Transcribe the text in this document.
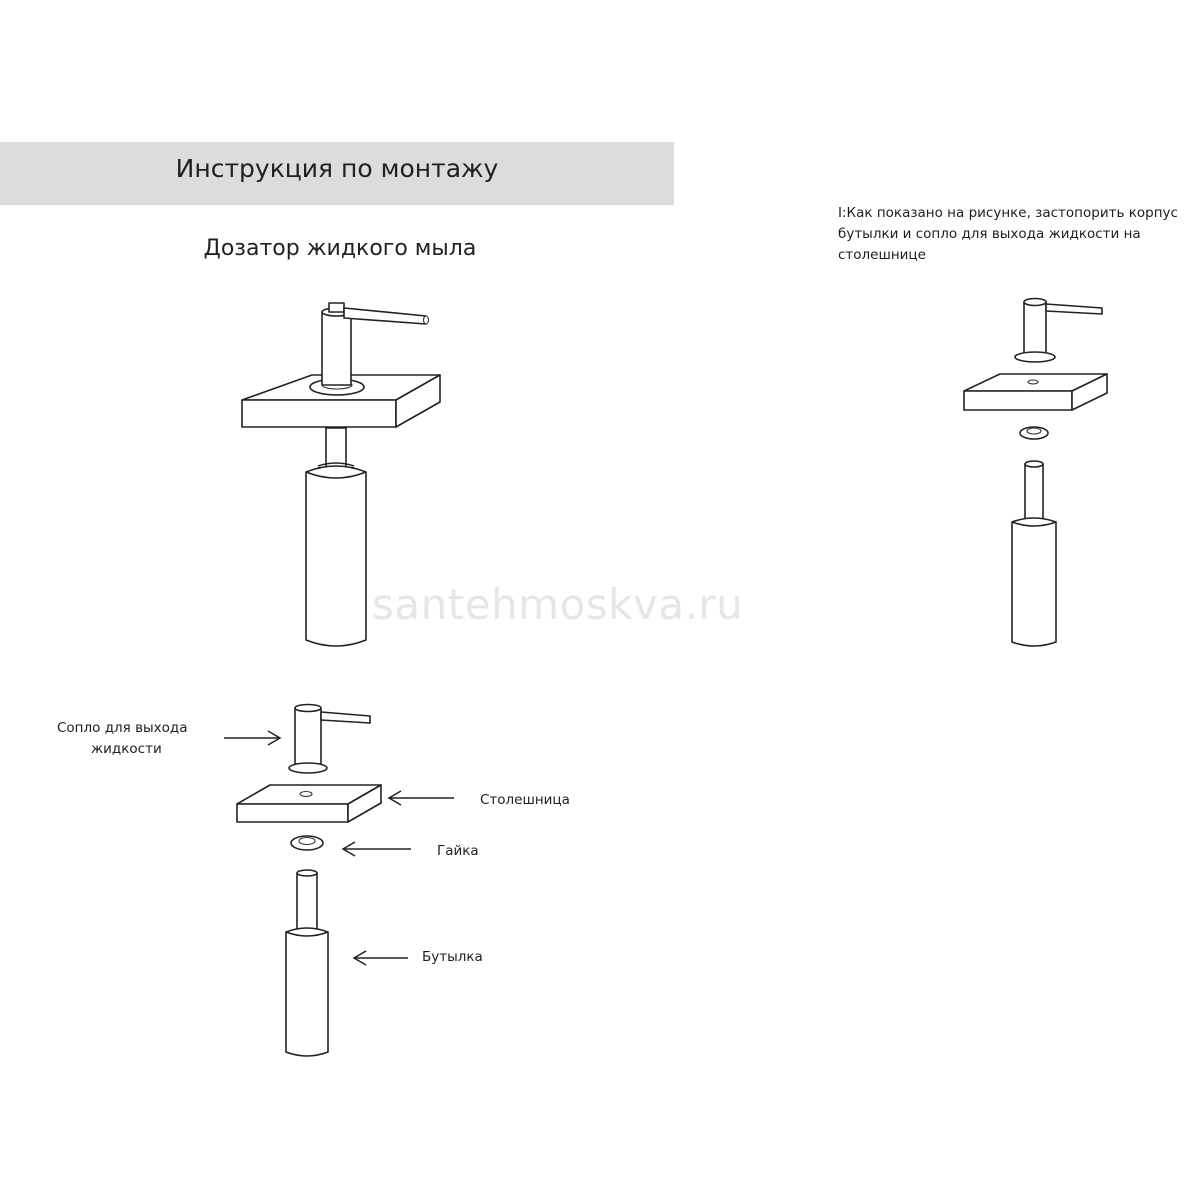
Инструкция по монтажу
Дозатор жидкого мыла
santehmoskva.ru
I:Как показано на рисунке, застопорить корпус бутылки и сопло для выхода жидкости на столешнице
Сопло для выхода
жидкости
Столешница
Гайка
Бутылка
